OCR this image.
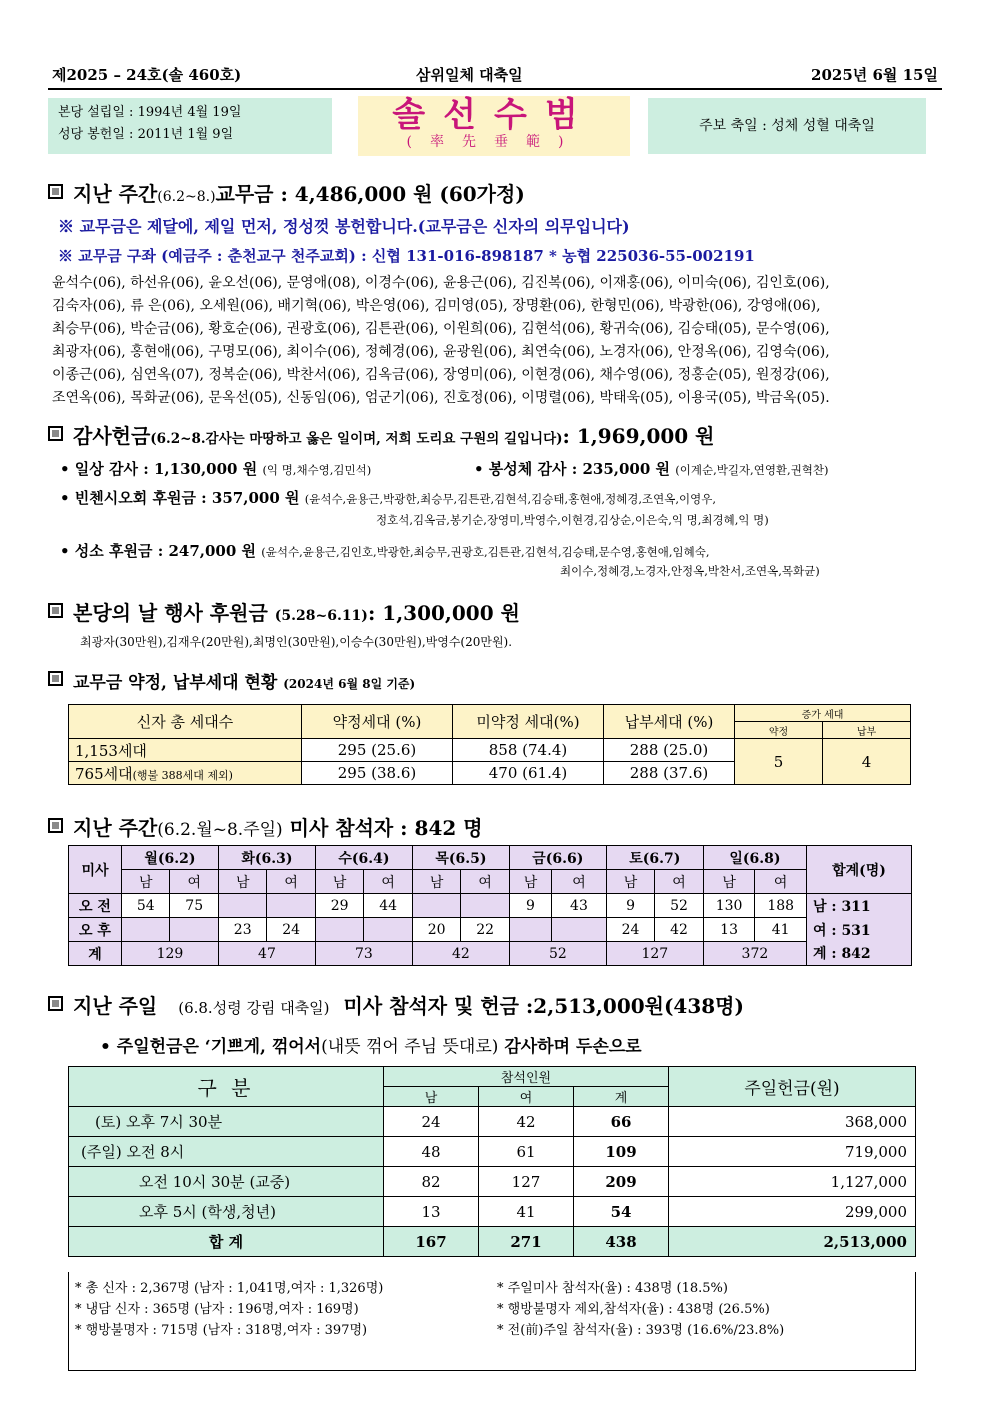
제2025 – 24호(솔 460호)	삼위일체 대축일	2025년 6월 15일
본당 설립일 : 1994년 4월 19일
성당 봉헌일 : 2011년 1월 9일	솔선수범
(率先垂範)
주보 축일 : 성체 성혈 대축일
지난 주간(6.2~8.)교무금 : 4,486,000 원 (60가정)
※ 교무금은 제달에, 제일 먼저, 정성껏 봉헌합니다.(교무금은 신자의 의무입니다)
※ 교무금 구좌 (예금주 : 춘천교구 천주교회) : 신협 131-016-898187 * 농협 225036-55-002191
윤석수(06), 하선유(06), 윤오선(06), 문영애(08), 이경수(06), 윤용근(06), 김진복(06), 이재홍(06), 이미숙(06), 김인호(06),
김숙자(06), 류 은(06), 오세원(06), 배기혁(06), 박은영(06), 김미영(05), 장명환(06), 한형민(06), 박광한(06), 강영애(06),
최승무(06), 박순금(06), 황호순(06), 권광호(06), 김튼관(06), 이원희(06), 김현석(06), 황귀숙(06), 김승태(05), 문수영(06),
최광자(06), 홍현애(06), 구명모(06), 최이수(06), 정혜경(06), 윤광원(06), 최연숙(06), 노경자(06), 안정옥(06), 김영숙(06),
이종근(06), 심연옥(07), 정복순(06), 박찬서(06), 김옥금(06), 장영미(06), 이현경(06), 채수영(06), 정홍순(05), 원정강(06),
조연옥(06), 목화균(06), 문옥선(05), 신동임(06), 엄군기(06), 진호정(06), 이명렬(06), 박태욱(05), 이용국(05), 박금옥(05).
감사헌금(6.2~8.감사는 마땅하고 옳은 일이며, 저희 도리요 구원의 길입니다): 1,969,000 원
• 일상 감사 : 1,130,000 원 (익 명,채수영,김민석)	• 봉성체 감사 : 235,000 원 (이계순,박길자,연영환,권혁찬)
• 빈첸시오회 후원금 : 357,000 원 (윤석수,윤용근,박광한,최승무,김튼관,김현석,김승태,홍현애,정혜경,조연옥,이영우,
정호석,김옥금,봉기순,장영미,박영수,이현경,김상순,이은숙,익 명,최경혜,익 명)
• 성소 후원금 : 247,000 원 (윤석수,윤용근,김인호,박광한,최승무,권광호,김튼관,김현석,김승태,문수영,홍현애,임혜숙,
최이수,정혜경,노경자,안정옥,박찬서,조연옥,목화균)
본당의 날 행사 후원금 (5.28~6.11): 1,300,000 원
최광자(30만원),김재우(20만원),최명인(30만원),이승수(30만원),박영수(20만원).
교무금 약정, 납부세대 현황 (2024년 6월 8일 기준)
신자 총 세대수	약정세대 (%)	미약정 세대(%)	납부세대 (%)	증가 세대	
				약정	납부
1,153세대	295 (25.6)	858 (74.4)	288 (25.0)	5	4
765세대(행불 388세대 제외)	295 (38.6)	470 (61.4)	288 (37.6)		
지난 주간(6.2.월~8.주일) 미사 참석자 : 842 명
미사	월(6.2)		화(6.3)		수(6.4)		목(6.5)		금(6.6)		토(6.7)		일(6.8)		합계(명)
	남	여	남	여	남	여	남	여	남	여	남	여	남	여	
오 전	54	75			29	44			9	43	9	52	130	188	남 : 311
오 후			23	24			20	22			24	42	13	41	여 : 531
계	129		47		73		42		52		127		372		계 : 842
지난 주일 (6.8.성령 강림 대축일) 미사 참석자 및 헌금 :2,513,000원(438명)
• 주일헌금은 ‘기쁘게, 꺾어서(내뜻 꺾어 주님 뜻대로) 감사하며 두손으로
구 분	참석인원			주일헌금(원)
	남	여	계	
(토) 오후 7시 30분	24	42	66	368,000
(주일) 오전 8시	48	61	109	719,000
오전 10시 30분 (교중)	82	127	209	1,127,000
오후 5시 (학생,청년)	13	41	54	299,000
합 계	167	271	438	2,513,000
* 총 신자 : 2,367명 (남자 : 1,041명,여자 : 1,326명)	* 주일미사 참석자(율) : 438명 (18.5%)
* 냉담 신자 : 365명 (남자 : 196명,여자 : 169명)	* 행방불명자 제외,참석자(율) : 438명 (26.5%)
* 행방불명자 : 715명 (남자 : 318명,여자 : 397명)	* 전(前)주일 참석자(율) : 393명 (16.6%/23.8%)
